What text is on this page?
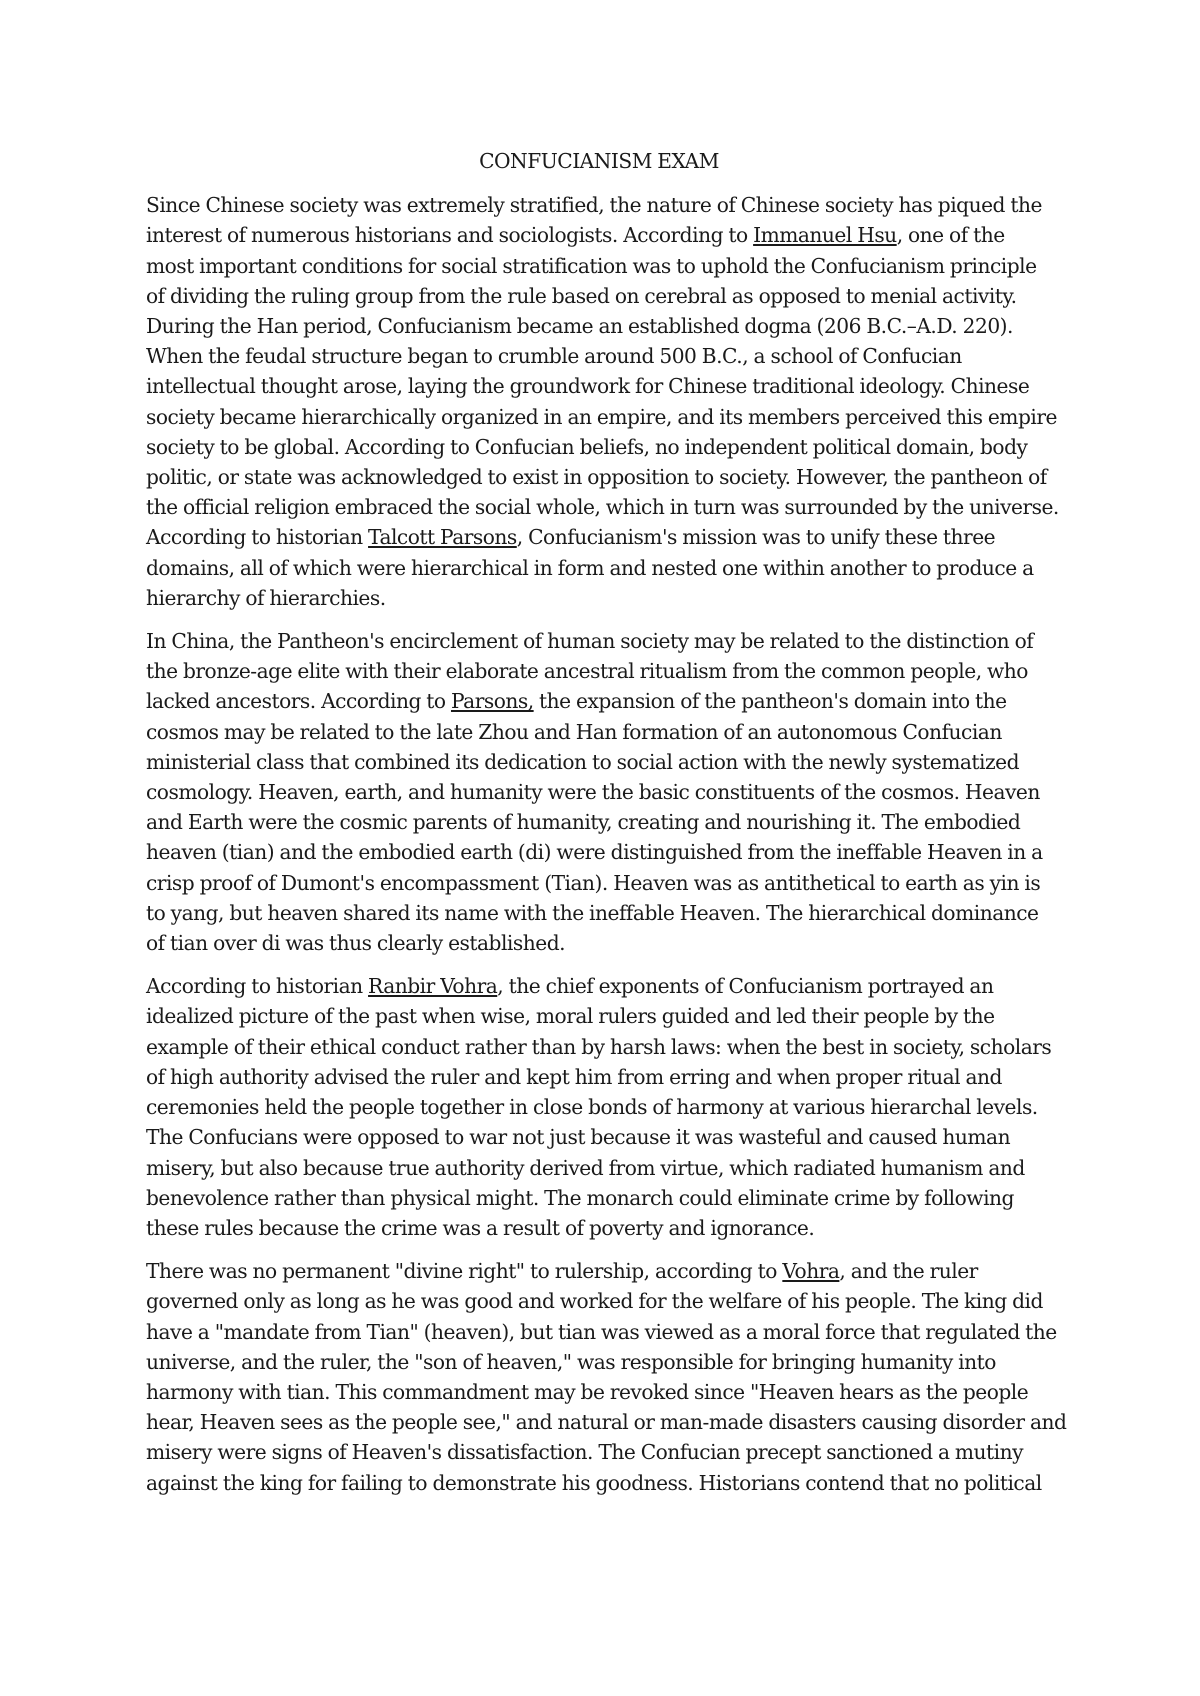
CONFUCIANISM EXAM

Since Chinese society was extremely stratified, the nature of Chinese society has piqued the
interest of numerous historians and sociologists. According to Immanuel Hsu, one of the
most important conditions for social stratification was to uphold the Confucianism principle
of dividing the ruling group from the rule based on cerebral as opposed to menial activity.
During the Han period, Confucianism became an established dogma (206 B.C.–A.D. 220).
When the feudal structure began to crumble around 500 B.C., a school of Confucian
intellectual thought arose, laying the groundwork for Chinese traditional ideology. Chinese
society became hierarchically organized in an empire, and its members perceived this empire
society to be global. According to Confucian beliefs, no independent political domain, body
politic, or state was acknowledged to exist in opposition to society. However, the pantheon of
the official religion embraced the social whole, which in turn was surrounded by the universe.
According to historian Talcott Parsons, Confucianism's mission was to unify these three
domains, all of which were hierarchical in form and nested one within another to produce a
hierarchy of hierarchies.

In China, the Pantheon's encirclement of human society may be related to the distinction of
the bronze-age elite with their elaborate ancestral ritualism from the common people, who
lacked ancestors. According to Parsons, the expansion of the pantheon's domain into the
cosmos may be related to the late Zhou and Han formation of an autonomous Confucian
ministerial class that combined its dedication to social action with the newly systematized
cosmology. Heaven, earth, and humanity were the basic constituents of the cosmos. Heaven
and Earth were the cosmic parents of humanity, creating and nourishing it. The embodied
heaven (tian) and the embodied earth (di) were distinguished from the ineffable Heaven in a
crisp proof of Dumont's encompassment (Tian). Heaven was as antithetical to earth as yin is
to yang, but heaven shared its name with the ineffable Heaven. The hierarchical dominance
of tian over di was thus clearly established.

According to historian Ranbir Vohra, the chief exponents of Confucianism portrayed an
idealized picture of the past when wise, moral rulers guided and led their people by the
example of their ethical conduct rather than by harsh laws: when the best in society, scholars
of high authority advised the ruler and kept him from erring and when proper ritual and
ceremonies held the people together in close bonds of harmony at various hierarchal levels.
The Confucians were opposed to war not just because it was wasteful and caused human
misery, but also because true authority derived from virtue, which radiated humanism and
benevolence rather than physical might. The monarch could eliminate crime by following
these rules because the crime was a result of poverty and ignorance.

There was no permanent "divine right" to rulership, according to Vohra, and the ruler
governed only as long as he was good and worked for the welfare of his people. The king did
have a "mandate from Tian" (heaven), but tian was viewed as a moral force that regulated the
universe, and the ruler, the "son of heaven," was responsible for bringing humanity into
harmony with tian. This commandment may be revoked since "Heaven hears as the people
hear, Heaven sees as the people see," and natural or man-made disasters causing disorder and
misery were signs of Heaven's dissatisfaction. The Confucian precept sanctioned a mutiny
against the king for failing to demonstrate his goodness. Historians contend that no political
